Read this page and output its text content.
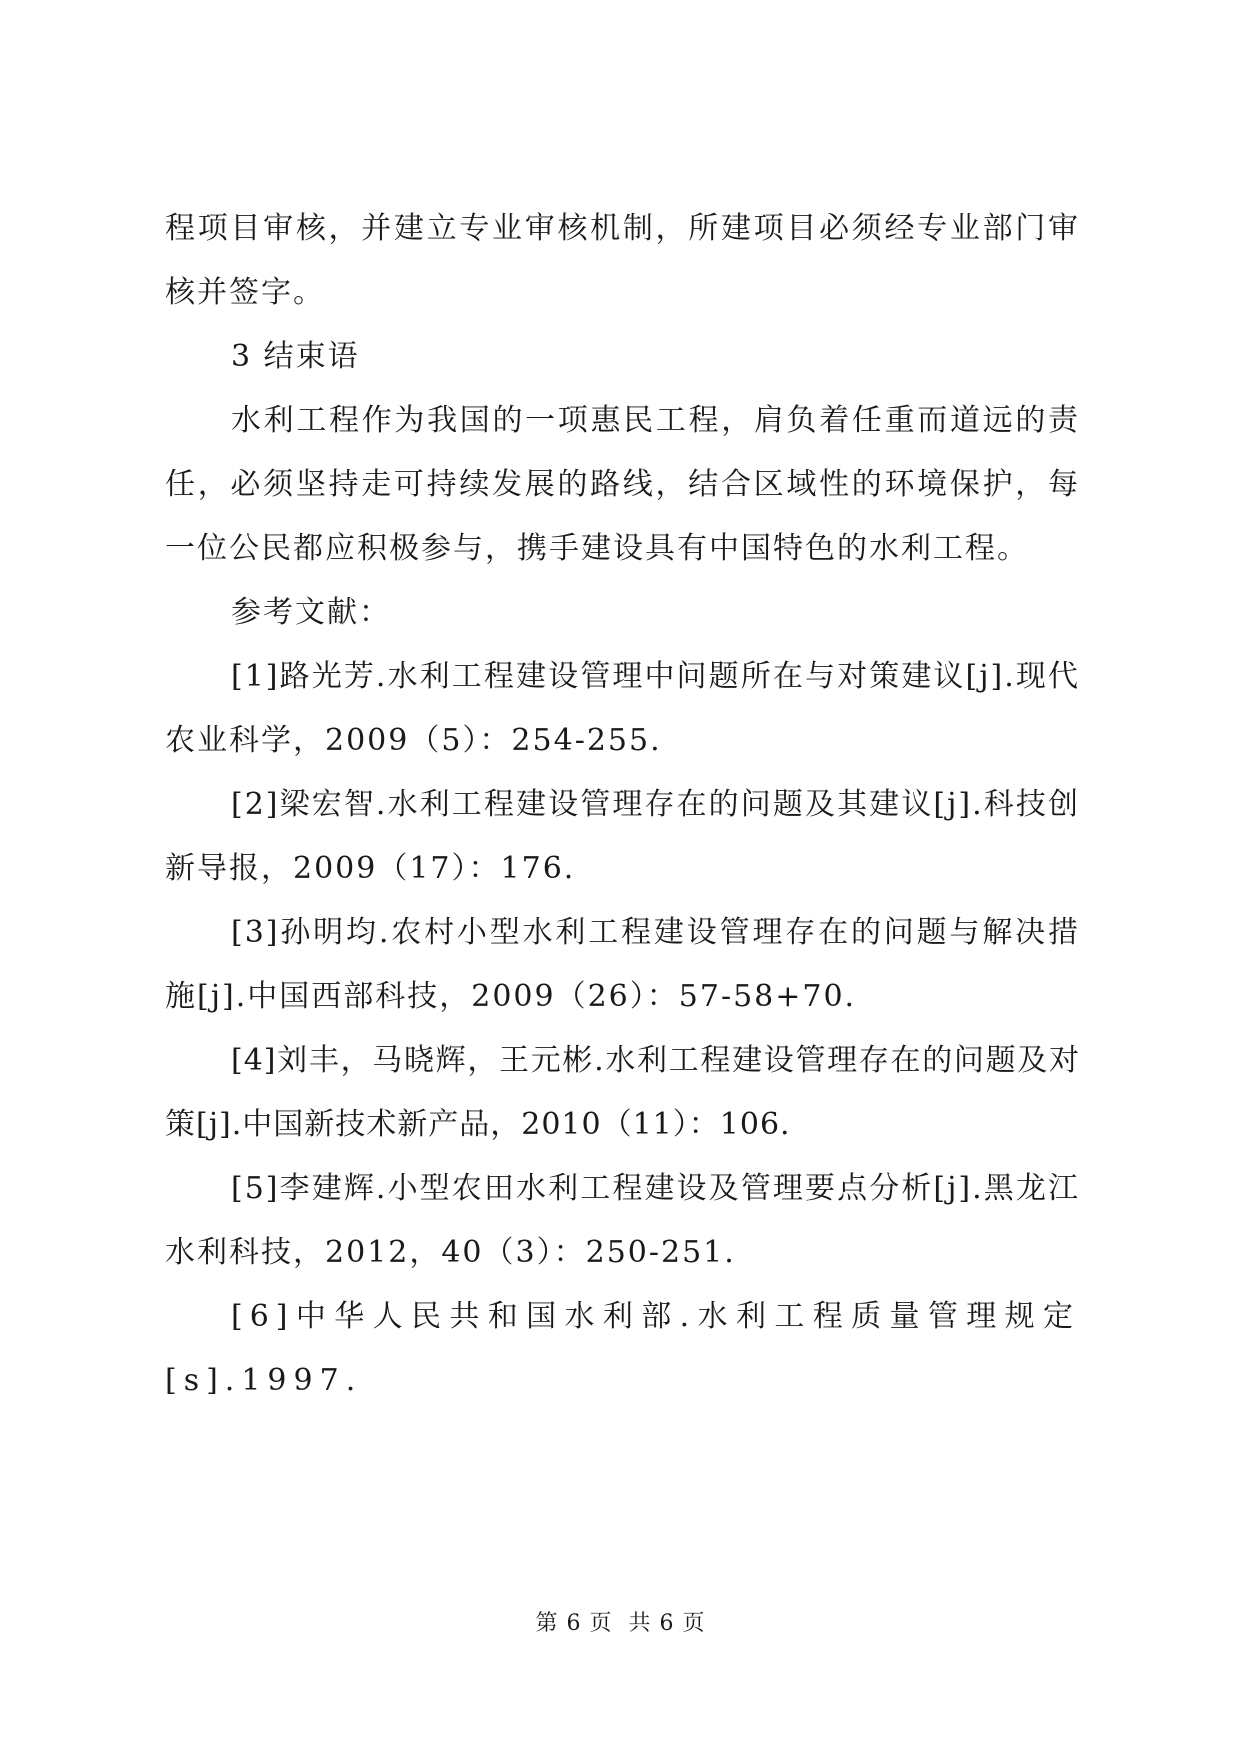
程项目审核，并建立专业审核机制，所建项目必须经专业部门审核并签字。

3 结束语

水利工程作为我国的一项惠民工程，肩负着任重而道远的责任，必须坚持走可持续发展的路线，结合区域性的环境保护，每一位公民都应积极参与，携手建设具有中国特色的水利工程。

参考文献：

[1]路光芳.水利工程建设管理中问题所在与对策建议[j].现代农业科学，2009（5）：254-255.

[2]梁宏智.水利工程建设管理存在的问题及其建议[j].科技创新导报，2009（17）：176.

[3]孙明均.农村小型水利工程建设管理存在的问题与解决措施[j].中国西部科技，2009（26）：57-58+70.

[4]刘丰，马晓辉，王元彬.水利工程建设管理存在的问题及对策[j].中国新技术新产品，2010（11）：106.

[5]李建辉.小型农田水利工程建设及管理要点分析[j].黑龙江水利科技，2012，40（3）：250-251.

[6]中华人民共和国水利部.水利工程质量管理规定[s].1997.

第 6 页 共 6 页
